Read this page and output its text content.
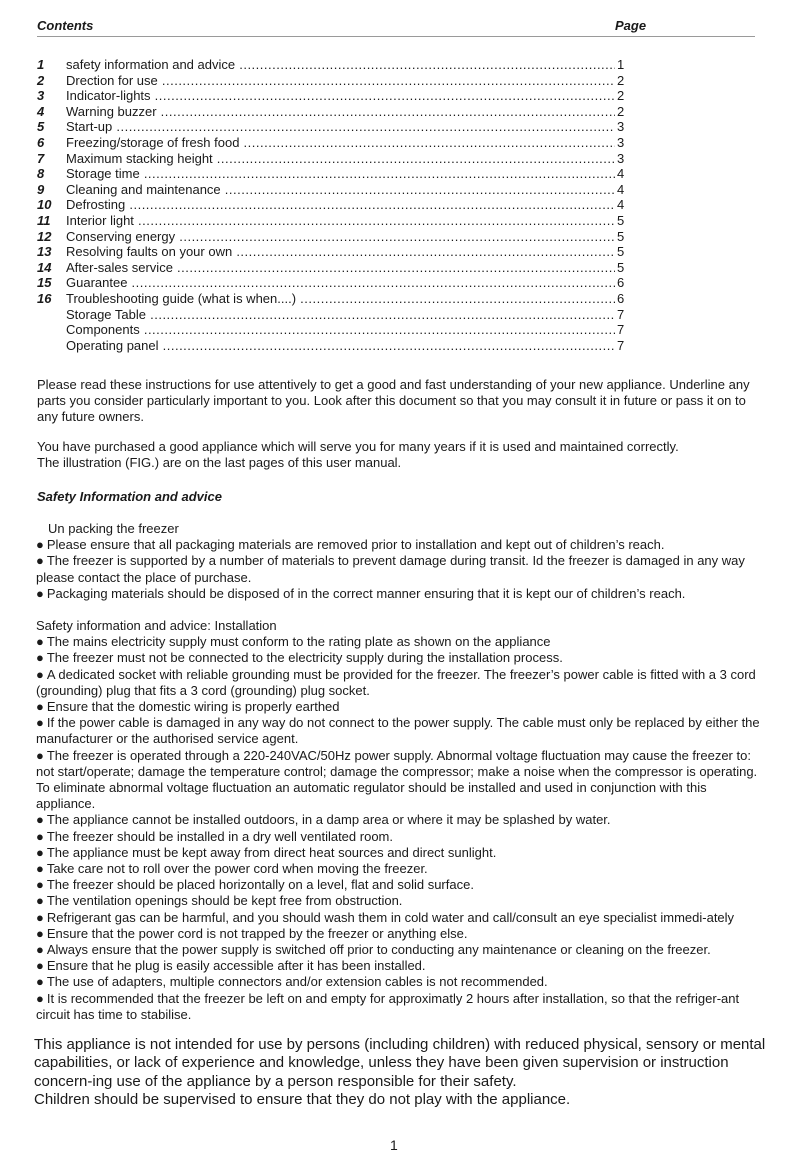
Contents	Page
1 safety information and advice .....	1
2 Drection for use .....	2
3 Indicator-lights .....	2
4 Warning buzzer .....	2
5 Start-up .....	3
6 Freezing/storage of fresh food .....	3
7 Maximum stacking height .....	3
8 Storage time .....	4
9 Cleaning and maintenance .....	4
10 Defrosting .....	4
11 Interior light .....	5
12 Conserving energy .....	5
13 Resolving faults on your own .....	5
14 After-sales service .....	5
15 Guarantee .....	6
16 Troubleshooting guide (what is when....) .....	6
Storage Table .....	7
Components .....	7
Operating panel .....	7

Please read these instructions for use attentively to get a good and fast understanding of your new appliance. Underline any parts you consider particularly important to you. Look after this document so that you may consult it in future or pass it on to any future owners.

You have purchased a good appliance which will serve you for many years if it is used and maintained correctly.
The illustration (FIG.) are on the last pages of this user manual.

Safety Information and advice

Un packing the freezer

● Please ensure that all packaging materials are removed prior to installation and kept out of children’s reach.

● The freezer is supported by a number of materials to prevent damage during transit. Id the freezer is damaged in any way please contact the place of purchase.

● Packaging materials should be disposed of in the correct manner ensuring that it is kept our of children’s reach.

Safety information and advice: Installation

● The mains electricity supply must conform to the rating plate as shown on the appliance

● The freezer must not be connected to the electricity supply during the installation process.

● A dedicated socket with reliable grounding must be provided for the freezer. The freezer’s power cable is fitted with a 3 cord (grounding) plug that fits a 3 cord (grounding) plug socket.

● Ensure that the domestic wiring is properly earthed

● If the power cable is damaged in any way do not connect to the power supply. The cable must only be replaced by either the manufacturer or the authorised service agent.

● The freezer is operated through a 220-240VAC/50Hz power supply. Abnormal voltage fluctuation may cause the freezer to: not start/operate; damage the temperature control; damage the compressor; make a noise when the compressor is operating. To eliminate abnormal voltage fluctuation an automatic regulator should be installed and used in conjunction with this appliance.

● The appliance cannot be installed outdoors, in a damp area or where it may be splashed by water.

● The freezer should be installed in a dry well ventilated room.

● The appliance must be kept away from direct heat sources and direct sunlight.

● Take care not to roll over the power cord when moving the freezer.

● The freezer should be placed horizontally on a level, flat and solid surface.

● The ventilation openings should be kept free from obstruction.

● Refrigerant gas can be harmful, and you should wash them in cold water and call/consult an eye specialist immedi-ately

● Ensure that the power cord is not trapped by the freezer or anything else.

● Always ensure that the power supply is switched off prior to conducting any maintenance or cleaning on the freezer.

● Ensure that he plug is easily accessible after it has been installed.

● The use of adapters, multiple connectors and/or extension cables is not recommended.

● It is recommended that the freezer be left on and empty for approximatly 2 hours after installation, so that the refriger-ant circuit has time to stabilise.

This appliance is not intended for use by persons (including children) with reduced physical, sensory or mental capabilities, or lack of experience and knowledge, unless they have been given supervision or instruction concern-ing use of the appliance by a person responsible for their safety.
Children should be supervised to ensure that they do not play with the appliance.

1
